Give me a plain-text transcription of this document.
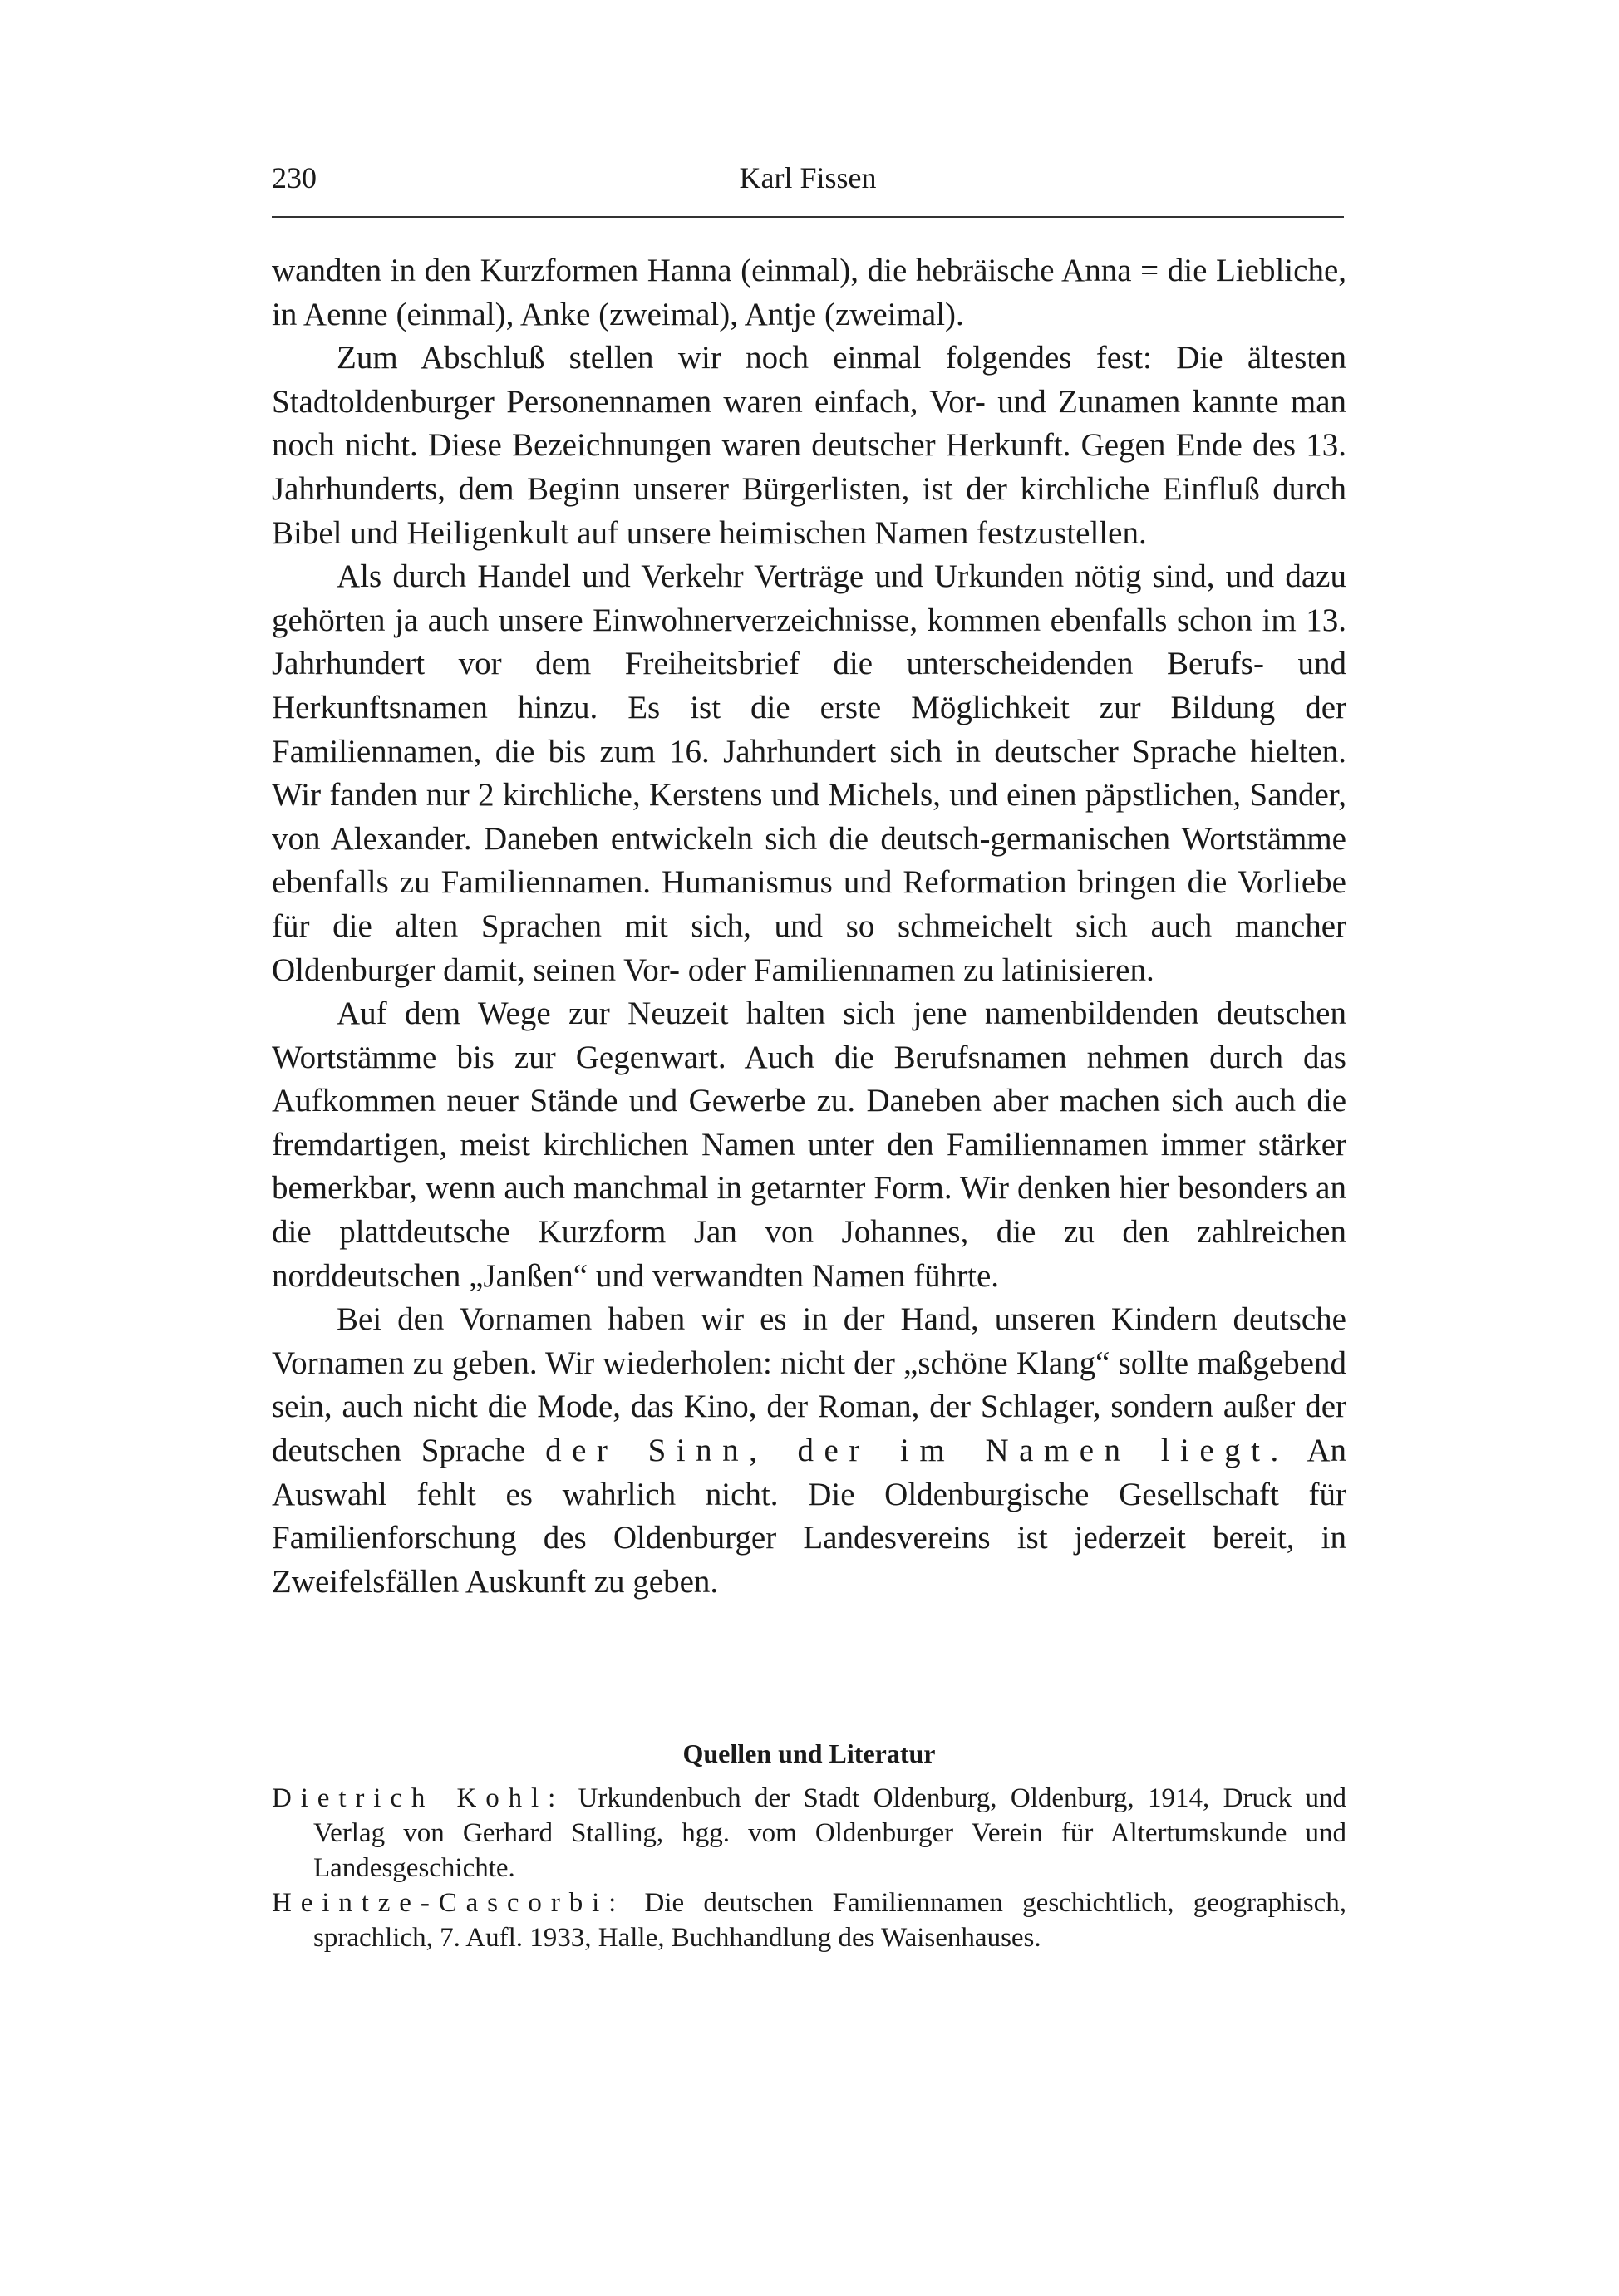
230	Karl Fissen

wandten in den Kurzformen Hanna (einmal), die hebräische Anna = die Liebliche, in Aenne (einmal), Anke (zweimal), Antje (zweimal).

Zum Abschluß stellen wir noch einmal folgendes fest: Die ältesten Stadtoldenburger Personennamen waren einfach, Vor- und Zunamen kannte man noch nicht. Diese Bezeichnungen waren deutscher Herkunft. Gegen Ende des 13. Jahrhunderts, dem Beginn unserer Bürgerlisten, ist der kirchliche Einfluß durch Bibel und Heiligenkult auf unsere heimischen Namen festzustellen.

Als durch Handel und Verkehr Verträge und Urkunden nötig sind, und dazu gehörten ja auch unsere Einwohnerverzeichnisse, kommen ebenfalls schon im 13. Jahrhundert vor dem Freiheitsbrief die unterscheidenden Berufs- und Herkunftsnamen hinzu. Es ist die erste Möglichkeit zur Bildung der Familiennamen, die bis zum 16. Jahrhundert sich in deutscher Sprache hielten. Wir fanden nur 2 kirchliche, Kerstens und Michels, und einen päpstlichen, Sander, von Alexander. Daneben entwickeln sich die deutsch-germanischen Wortstämme ebenfalls zu Familiennamen. Humanismus und Reformation bringen die Vorliebe für die alten Sprachen mit sich, und so schmeichelt sich auch mancher Oldenburger damit, seinen Vor- oder Familiennamen zu latinisieren.

Auf dem Wege zur Neuzeit halten sich jene namenbildenden deutschen Wortstämme bis zur Gegenwart. Auch die Berufsnamen nehmen durch das Aufkommen neuer Stände und Gewerbe zu. Daneben aber machen sich auch die fremdartigen, meist kirchlichen Namen unter den Familiennamen immer stärker bemerkbar, wenn auch manchmal in getarnter Form. Wir denken hier besonders an die plattdeutsche Kurzform Jan von Johannes, die zu den zahlreichen norddeutschen „Janßen“ und verwandten Namen führte.

Bei den Vornamen haben wir es in der Hand, unseren Kindern deutsche Vornamen zu geben. Wir wiederholen: nicht der „schöne Klang“ sollte maßgebend sein, auch nicht die Mode, das Kino, der Roman, der Schlager, sondern außer der deutschen Sprache der Sinn, der im Namen liegt. An Auswahl fehlt es wahrlich nicht. Die Oldenburgische Gesellschaft für Familienforschung des Oldenburger Landesvereins ist jederzeit bereit, in Zweifelsfällen Auskunft zu geben.

Quellen und Literatur

Dietrich Kohl: Urkundenbuch der Stadt Oldenburg, Oldenburg, 1914, Druck und Verlag von Gerhard Stalling, hgg. vom Oldenburger Verein für Altertumskunde und Landesgeschichte.

Heintze-Cascorbi: Die deutschen Familiennamen geschichtlich, geographisch, sprachlich, 7. Aufl. 1933, Halle, Buchhandlung des Waisenhauses.
